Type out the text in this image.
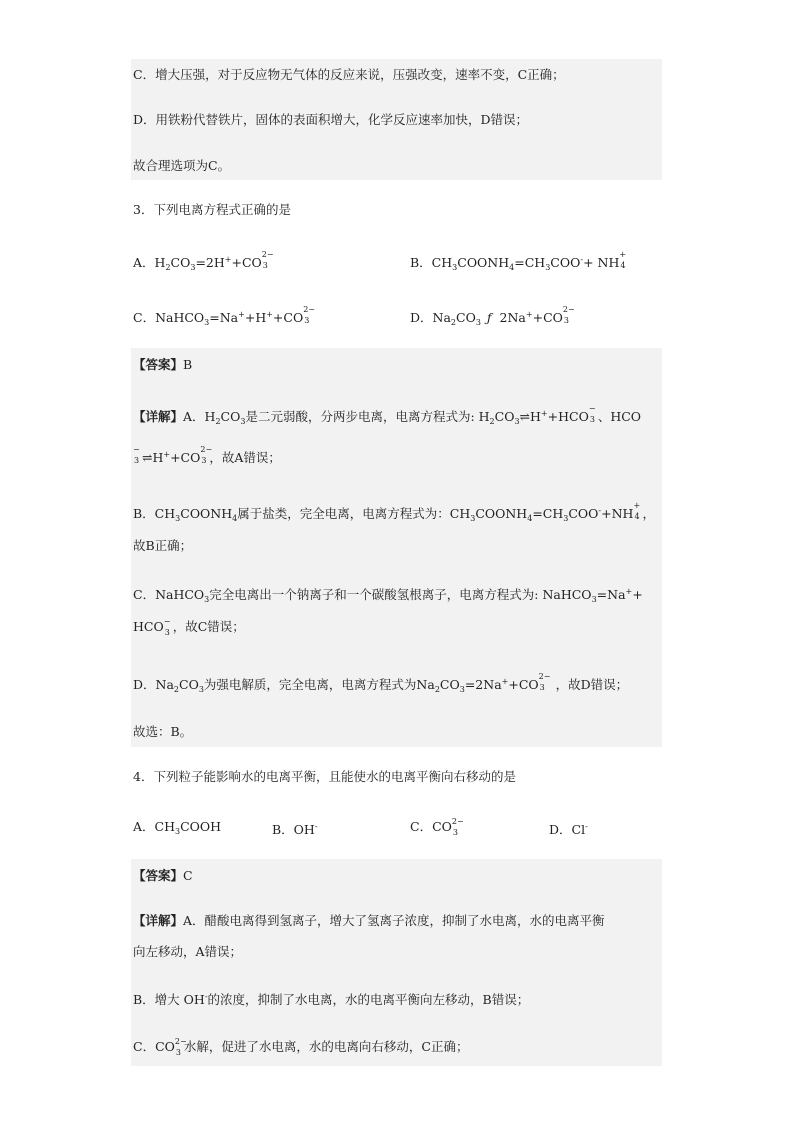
C．增大压强，对于反应物无气体的反应来说，压强改变，速率不变，C正确；
D．用铁粉代替铁片，固体的表面积增大，化学反应速率加快，D错误；
故合理选项为C。
3．下列电离方程式正确的是
A．$H_2CO_3=2H^++CO$
2−
3	B．$CH_3COONH_4=CH_3COO^-+$ NH
+
4
C．NaHCO$_3$=Na++H++CO
2−
3	D．$Na_2CO_3$ ƒ 2Na++CO
2−
3
【答案】B
【详解】A．$H_2CO_3$是二元弱酸，分两步电离，电离方程式为: $H_2CO_3\rightleftharpoons H^++HCO$
−
3 、HCO
−
3 ⇌H++CO
2−
3 ，故A错误；
B．$CH_3COONH_4$属于盐类，完全电离，电离方程式为：$CH_3COONH_4=CH_3COO^-+NH$
+
4 ，
故B正确；
C．NaHCO$_3$完全电离出一个钠离子和一个碳酸氢根离子，电离方程式为: NaHCO$_3$=Na++
HCO −
3 ，故C错误；
D．$Na_2CO_3$为强电解质，完全电离，电离方程式为$Na_2CO_3=2Na^++CO$
2−
3 ，故D错误；
故选：B。
4．下列粒子能影响水的电离平衡，且能使水的电离平衡向右移动的是
A．$CH_3COOH$	B．OH-	C．CO 2−
3	D．Cl-
【答案】C
【详解】A．醋酸电离得到氢离子，增大了氢离子浓度，抑制了水电离，水的电离平衡
向左移动，A错误；
B．增大 OH-的浓度，抑制了水电离，水的电离平衡向左移动，B错误；
C．CO 2−
3 水解，促进了水电离，水的电离向右移动，C正确；
